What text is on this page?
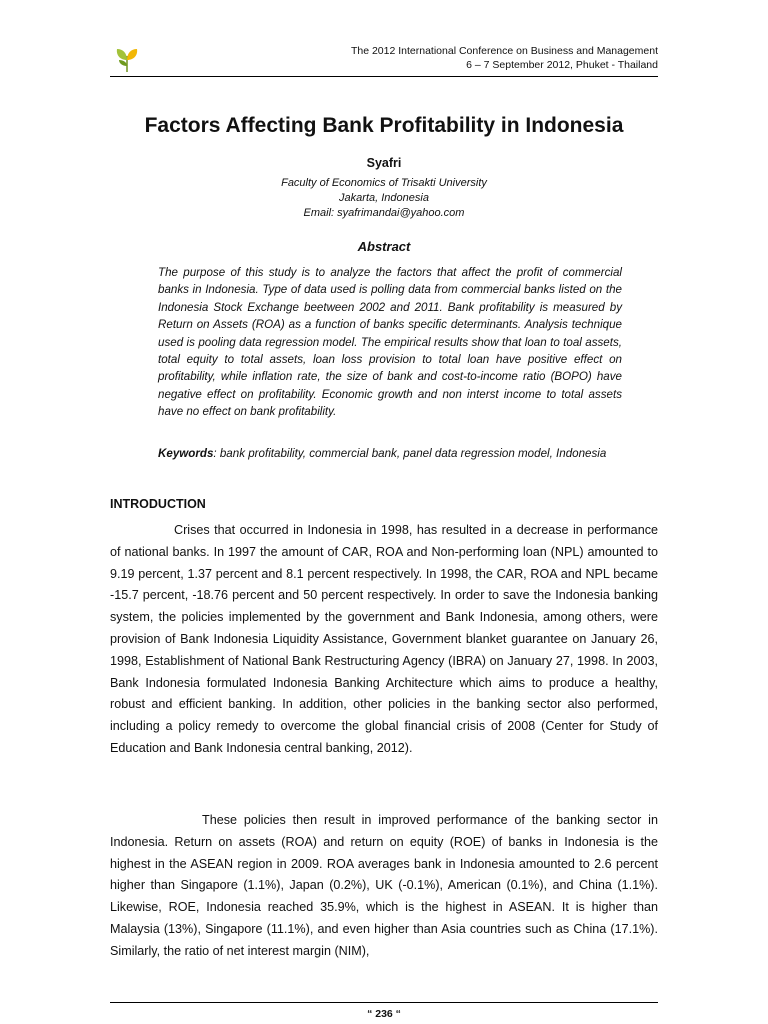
The 2012 International Conference on Business and Management
6 – 7 September 2012, Phuket - Thailand
Factors Affecting Bank Profitability in Indonesia
Syafri
Faculty of Economics of Trisakti University
Jakarta, Indonesia
Email: syafrimandai@yahoo.com
Abstract
The purpose of this study is to analyze the factors that affect the profit of commercial banks in Indonesia. Type of data used is polling data from commercial banks listed on the Indonesia Stock Exchange beetween 2002 and 2011. Bank profitability is measured by Return on Assets (ROA) as a function of banks specific determinants. Analysis technique used is pooling data regression model. The empirical results show that loan to toal assets, total equity to total assets, loan loss provision to total loan have positive effect on profitability, while inflation rate, the size of bank and cost-to-income ratio (BOPO) have negative effect on profitability. Economic growth and non interst income to total assets have no effect on bank profitability.
Keywords: bank profitability, commercial bank, panel data regression model, Indonesia
INTRODUCTION

Crises that occurred in Indonesia in 1998, has resulted in a decrease in performance of national banks. In 1997 the amount of CAR, ROA and Non-performing loan (NPL) amounted to 9.19 percent, 1.37 percent and 8.1 percent respectively. In 1998, the CAR, ROA and NPL became -15.7 percent, -18.76 percent and 50 percent respectively. In order to save the Indonesia banking system, the policies implemented by the government and Bank Indonesia, among others, were provision of Bank Indonesia Liquidity Assistance, Government blanket guarantee on January 26, 1998, Establishment of National Bank Restructuring Agency (IBRA) on January 27, 1998. In 2003, Bank Indonesia formulated Indonesia Banking Architecture which aims to produce a healthy, robust and efficient banking. In addition, other policies in the banking sector also performed, including a policy remedy to overcome the global financial crisis of 2008 (Center for Study of Education and Bank Indonesia central banking, 2012).

These policies then result in improved performance of the banking sector in Indonesia. Return on assets (ROA) and return on equity (ROE) of banks in Indonesia is the highest in the ASEAN region in 2009. ROA averages bank in Indonesia amounted to 2.6 percent higher than Singapore (1.1%), Japan (0.2%), UK (-0.1%), American (0.1%), and China (1.1%). Likewise, ROE, Indonesia reached 35.9%, which is the highest in ASEAN. It is higher than Malaysia (13%), Singapore (11.1%), and even higher than Asia countries such as China (17.1%). Similarly, the ratio of net interest margin (NIM),

“ 236 “
